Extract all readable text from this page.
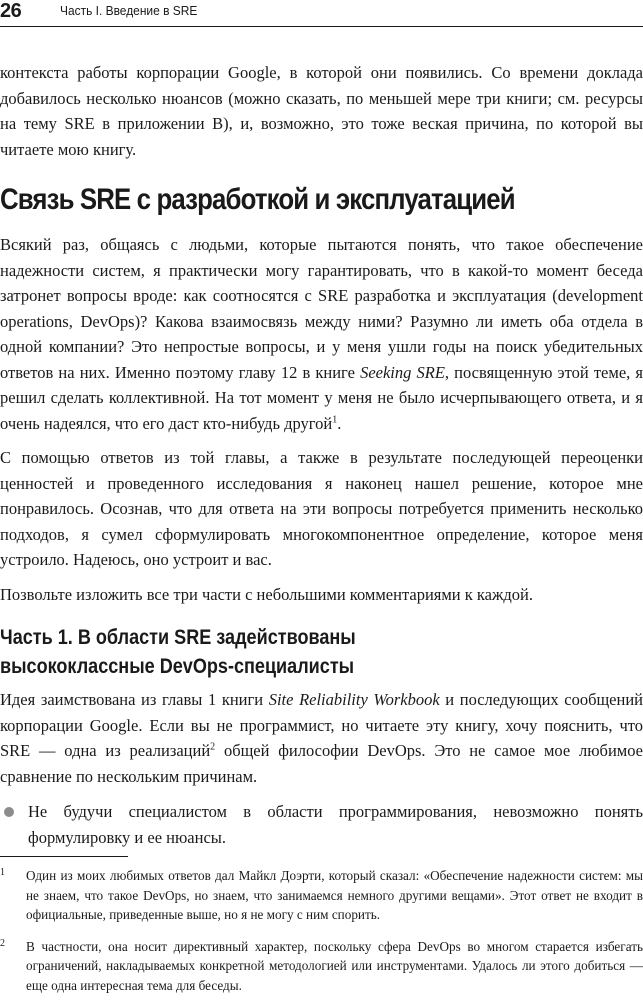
26	Часть I. Введение в SRE

контекста работы корпорации Google, в которой они появились. Со времени доклада добавилось несколько нюансов (можно сказать, по меньшей мере три книги; см. ресурсы на тему SRE в приложении В), и, возможно, это тоже веская причина, по которой вы читаете мою книгу.

Связь SRE с разработкой и эксплуатацией

Всякий раз, общаясь с людьми, которые пытаются понять, что такое обеспечение надежности систем, я практически могу гарантировать, что в какой-то момент беседа затронет вопросы вроде: как соотносятся с SRE разработка и эксплуатация (development operations, DevOps)? Какова взаимосвязь между ними? Разумно ли иметь оба отдела в одной компании? Это непростые вопросы, и у меня ушли годы на поиск убедительных ответов на них. Именно поэтому главу 12 в книге Seeking SRE, посвященную этой теме, я решил сделать коллективной. На тот момент у меня не было исчерпывающего ответа, и я очень надеялся, что его даст кто-нибудь другой$^1$.

С помощью ответов из той главы, а также в результате последующей переоценки ценностей и проведенного исследования я наконец нашел решение, которое мне понравилось. Осознав, что для ответа на эти вопросы потребуется применить несколько подходов, я сумел сформулировать многокомпонентное определение, которое меня устроило. Надеюсь, оно устроит и вас.

Позвольте изложить все три части с небольшими комментариями к каждой.

Часть 1. В области SRE задействованы
высококлассные DevOps-специалисты

Идея заимствована из главы 1 книги Site Reliability Workbook и последующих сообщений корпорации Google. Если вы не программист, но читаете эту книгу, хочу пояснить, что SRE — одна из реализаций$^2$ общей философии DevOps. Это не самое мое любимое сравнение по нескольким причинам.

Не будучи специалистом в области программирования, невозможно понять формулировку и ее нюансы.
1 Один из моих любимых ответов дал Майкл Доэрти, который сказал: «Обеспечение надежности систем: мы не знаем, что такое DevOps, но знаем, что занимаемся немного другими вещами». Этот ответ не входит в официальные, приведенные выше, но я не могу с ним спорить.
2 В частности, она носит директивный характер, поскольку сфера DevOps во многом старается избегать ограничений, накладываемых конкретной методологией или инструментами. Удалось ли этого добиться — еще одна интересная тема для беседы.
